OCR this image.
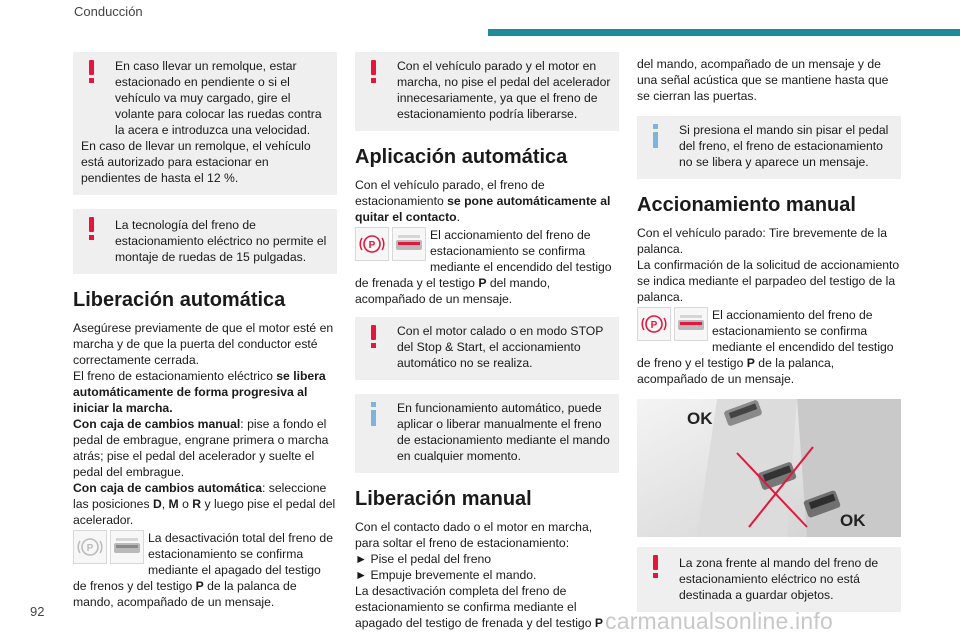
Conducción

En caso llevar un remolque, estar estacionado en pendiente o si el vehículo va muy cargado, gire el volante para colocar las ruedas contra la acera e introduzca una velocidad.

En caso de llevar un remolque, el vehículo está autorizado para estacionar en pendientes de hasta el 12 %.

La tecnología del freno de estacionamiento eléctrico no permite el montaje de ruedas de 15 pulgadas.

Liberación automática

Asegúrese previamente de que el motor esté en marcha y de que la puerta del conductor esté correctamente cerrada.

El freno de estacionamiento eléctrico se libera automáticamente de forma progresiva al iniciar la marcha.

Con caja de cambios manual: pise a fondo el pedal de embrague, engrane primera o marcha atrás; pise el pedal del acelerador y suelte el pedal del embrague.

Con caja de cambios automática: seleccione las posiciones D, M o R y luego pise el pedal del acelerador.

P
La desactivación total del freno de estacionamiento se confirma mediante el apagado del testigo de frenos y del testigo P de la palanca de mando, acompañado de un mensaje.

Con el vehículo parado y el motor en marcha, no pise el pedal del acelerador innecesariamente, ya que el freno de estacionamiento podría liberarse.

Aplicación automática

Con el vehículo parado, el freno de estacionamiento se pone automáticamente al quitar el contacto.

P
El accionamiento del freno de estacionamiento se confirma mediante el encendido del testigo de frenada y el testigo P del mando, acompañado de un mensaje.

Con el motor calado o en modo STOP del Stop & Start, el accionamiento automático no se realiza.

En funcionamiento automático, puede aplicar o liberar manualmente el freno de estacionamiento mediante el mando en cualquier momento.

Liberación manual

Con el contacto dado o el motor en marcha, para soltar el freno de estacionamiento:

► Pise el pedal del freno

► Empuje brevemente el mando.

La desactivación completa del freno de estacionamiento se confirma mediante el apagado del testigo de frenada y del testigo P

del mando, acompañado de un mensaje y de una señal acústica que se mantiene hasta que se cierran las puertas.

Si presiona el mando sin pisar el pedal del freno, el freno de estacionamiento no se libera y aparece un mensaje.

Accionamiento manual

Con el vehículo parado: Tire brevemente de la palanca.

La confirmación de la solicitud de accionamiento se indica mediante el parpadeo del testigo de la palanca.

P
El accionamiento del freno de estacionamiento se confirma mediante el encendido del testigo de freno y el testigo P de la palanca, acompañado de un mensaje.
OK
OK

La zona frente al mando del freno de estacionamiento eléctrico no está destinada a guardar objetos.

92	carmanualsonline.info
